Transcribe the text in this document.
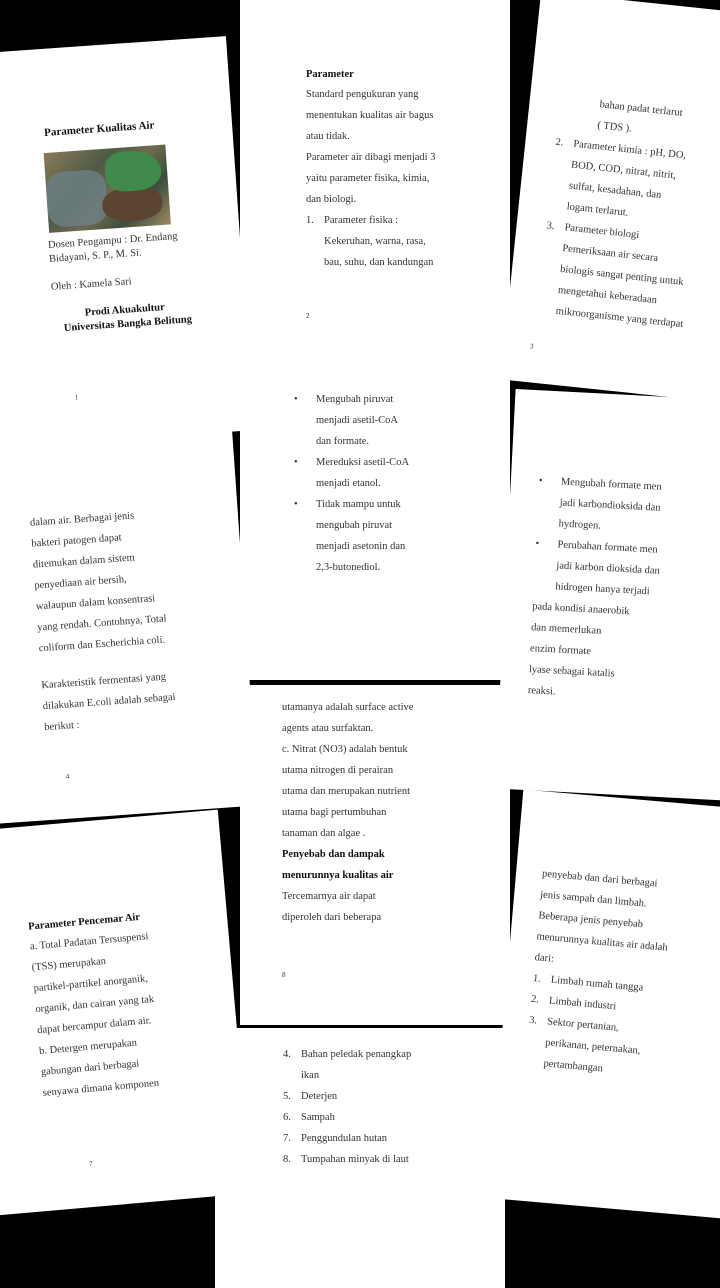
Parameter Kualitas Air
Dosen Pengampu : Dr. Endang
Bidayani, S. P., M. Si.
Oleh : Kamela Sari
Prodi Akuakultur
Universitas Bangka Belitung
1
Parameter
Standard pengukuran yang
menentukan kualitas air bagus
atau tidak.
Parameter air dibagi menjadi 3
yaitu parameter fisika, kimia,
dan biologi.
1. Parameter fisika :
Kekeruhan, warna, rasa,
bau, suhu, dan kandungan
2
bahan padat terlarut
( TDS ).
2. Parameter kimia : pH, DO,
BOD, COD, nitrat, nitrit,
sulfat, kesadahan, dan
logam terlarut.
3. Parameter biologi
Pemeriksaan air secara
biologis sangat penting untuk
mengetahui keberadaan
mikroorganisme yang terdapat
3
dalam air. Berbagai jenis
bakteri patogen dapat
ditemukan dalam sistem
penyediaan air bersih,
walaupun dalam konsentrasi
yang rendah. Contohnya, Total
coliform dan Escherichia coli.
Karakteristik fermentasi yang
dilakukan E.coli adalah sebagai
berikut :
4
•	Mengubah piruvat
menjadi asetil-CoA
dan formate.
•	Mereduksi asetil-CoA
menjadi etanol.
•	Tidak mampu untuk
mengubah piruvat
menjadi asetonin dan
2,3-butonediol.
•	Mengubah formate men
jadi karbondioksida dan
hydrogen.
•	Perubahan formate men
jadi karbon dioksida dan
hidrogen hanya terjadi
pada kondisi anaerobik
dan memerlukan
enzim formate
lyase sebagai katalis
reaksi.
Parameter Pencemar Air
a. Total Padatan Tersuspensi
(TSS) merupakan
partikel-partikel anorganik,
organik, dan cairan yang tak
dapat bercampur dalam air.
b. Detergen merupakan
gabungan dari berbagai
senyawa dimana komponen
7
utamanya adalah surface active
agents atau surfaktan.
c. Nitrat (NO3) adalah bentuk
utama nitrogen di perairan
utama dan merupakan nutrient
utama bagi pertumbuhan
tanaman dan algae .
Penyebab dan dampak
menurunnya kualitas air
Tercemarnya air dapat
diperoleh dari beberapa
8
penyebab dan dari berbagai
jenis sampah dan limbah.
Beberapa jenis penyebab
menurunnya kualitas air adalah
dari:
1. Limbah rumah tangga
2. Limbah industri
3. Sektor pertanian,
perikanan, peternakan,
pertambangan
4. Bahan peledak penangkap
ikan
5. Deterjen
6. Sampah
7. Penggundulan hutan
8. Tumpahan minyak di laut
